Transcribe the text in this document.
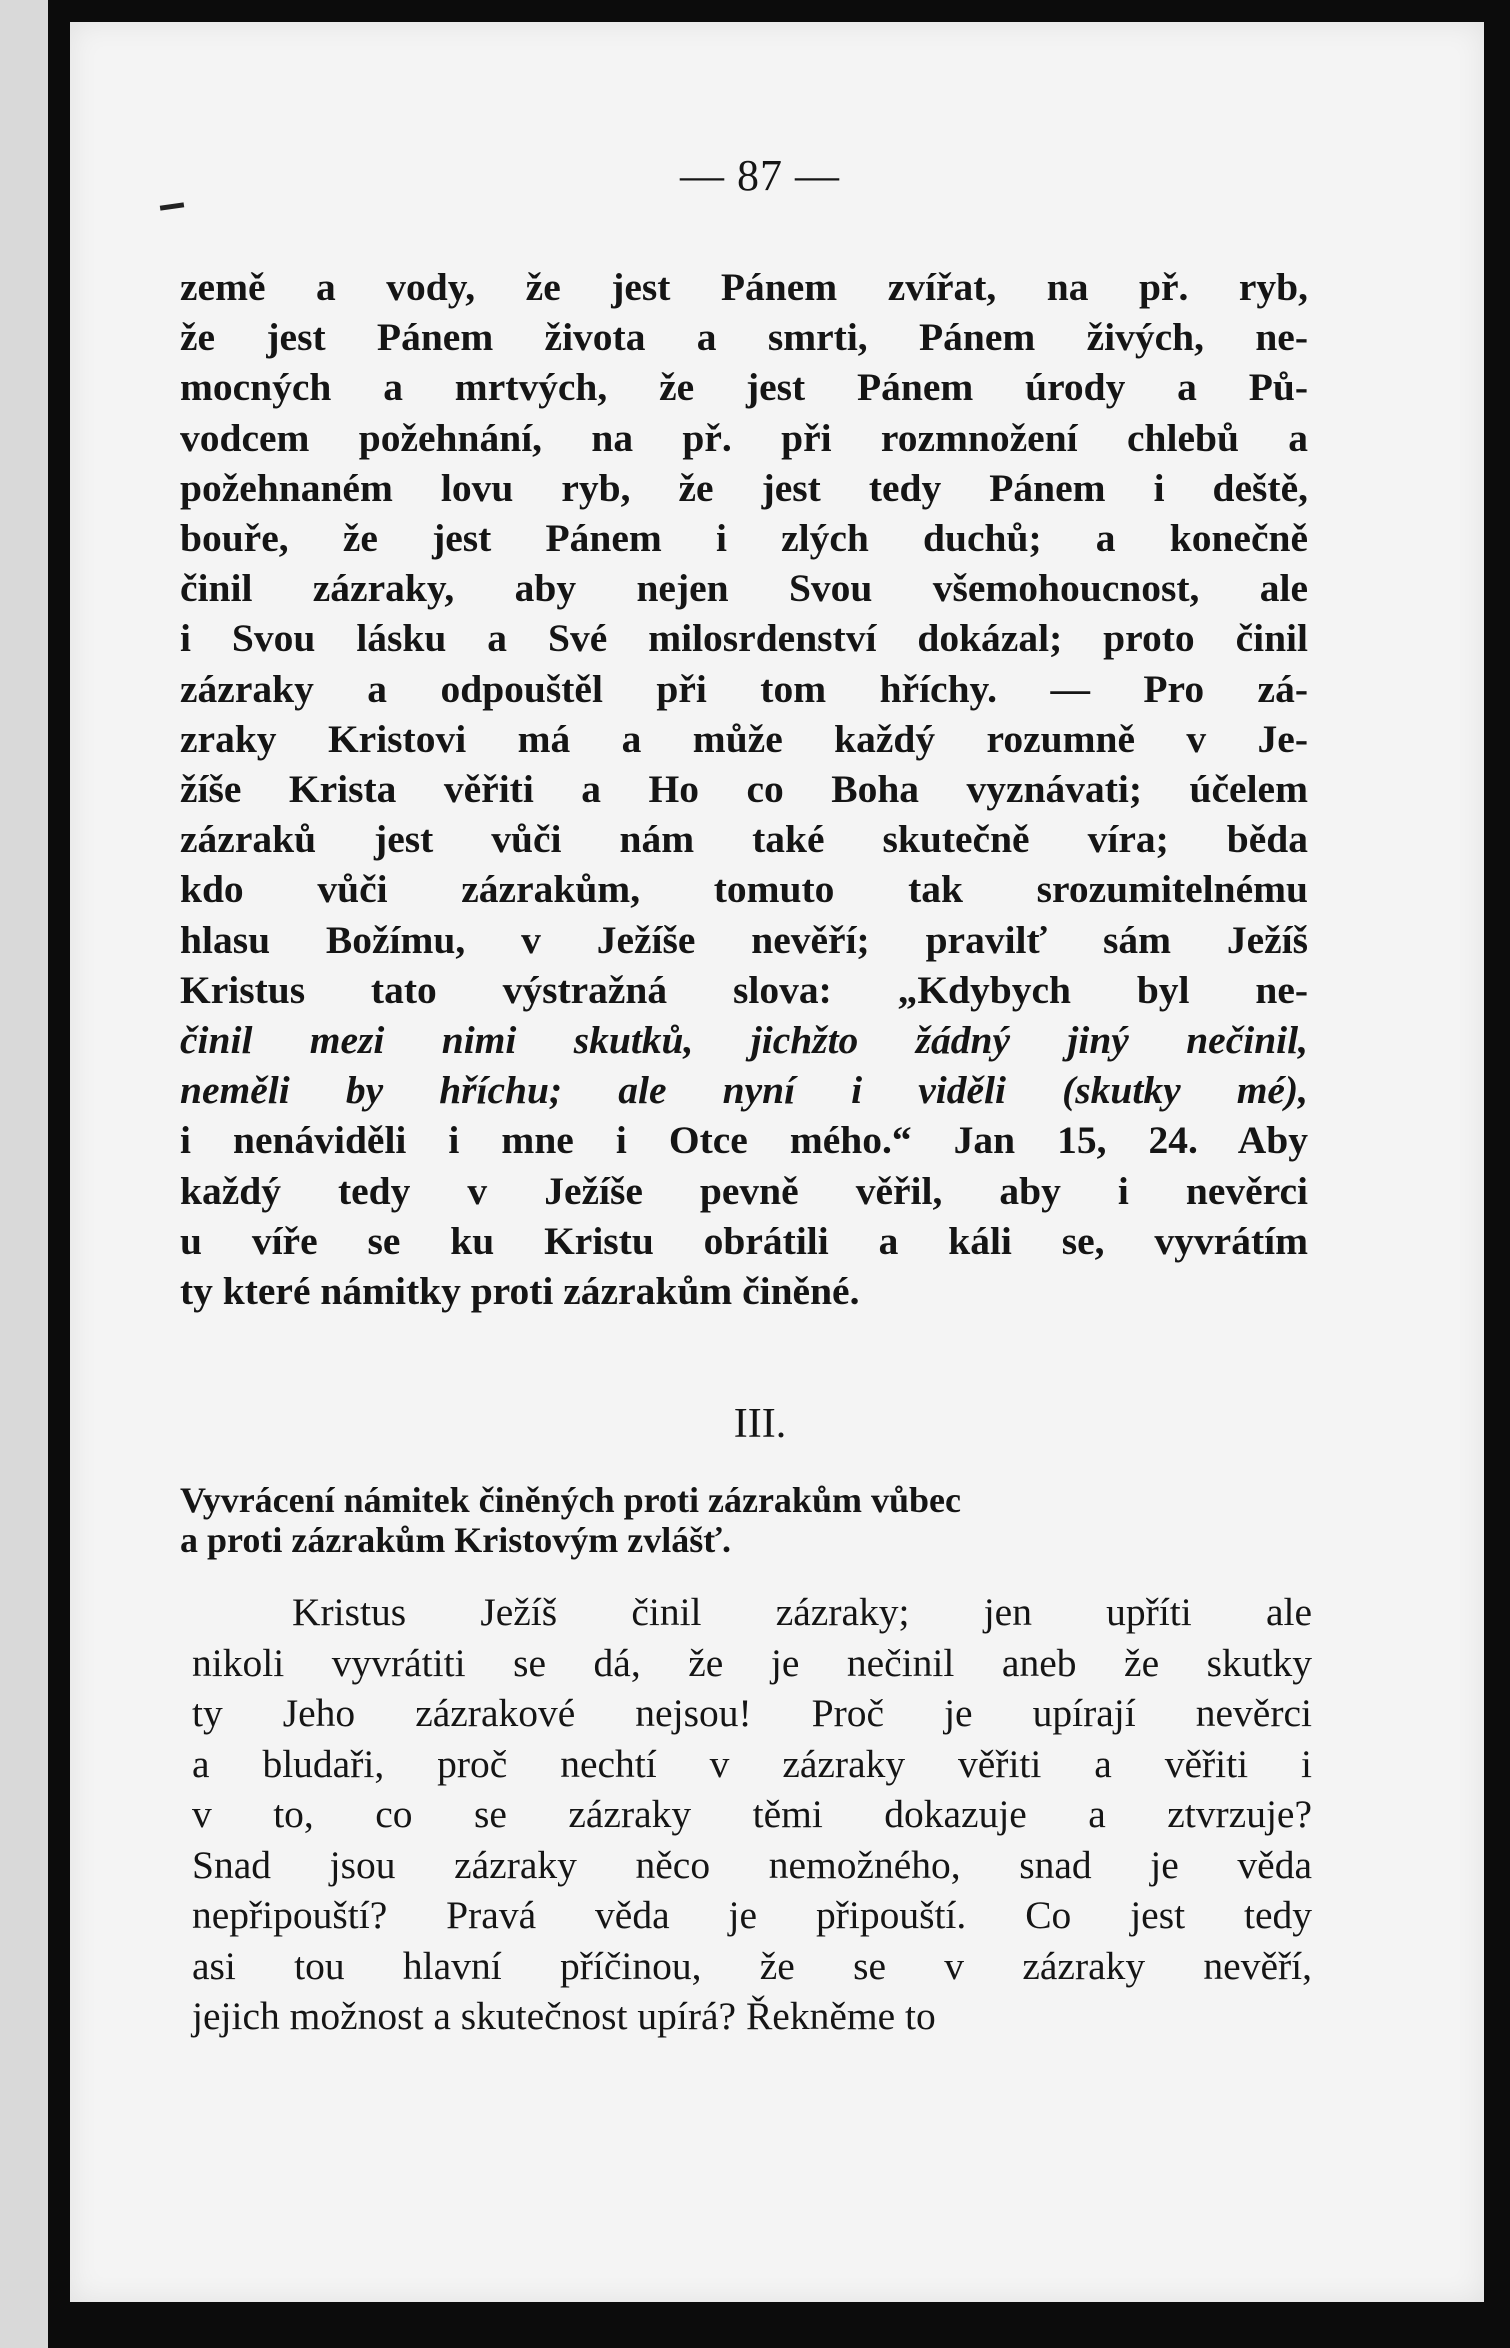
— 87 —
země a vody, že jest Pánem zvířat, na př. ryb,
že jest Pánem života a smrti, Pánem živých, ne-
mocných a mrtvých, že jest Pánem úrody a Pů-
vodcem požehnání, na př. při rozmnožení chlebů a
požehnaném lovu ryb, že jest tedy Pánem i deště,
bouře, že jest Pánem i zlých duchů; a konečně
činil zázraky, aby nejen Svou všemohoucnost, ale
i Svou lásku a Své milosrdenství dokázal; proto činil
zázraky a odpouštěl při tom hříchy. — Pro zá-
zraky Kristovi má a může každý rozumně v Je-
žíše Krista věřiti a Ho co Boha vyznávati; účelem
zázraků jest vůči nám také skutečně víra; běda
kdo vůči zázrakům, tomuto tak srozumitelnému
hlasu Božímu, v Ježíše nevěří; pravilť sám Ježíš
Kristus tato výstražná slova: „Kdybych byl ne-
činil mezi nimi skutků, jichžto žádný jiný nečinil,
neměli by hříchu; ale nyní i viděli (skutky mé),
i nenáviděli i mne i Otce mého.“ Jan 15, 24. Aby
každý tedy v Ježíše pevně věřil, aby i nevěrci
u víře se ku Kristu obrátili a káli se, vyvrátím
ty které námitky proti zázrakům činěné.
III.
Vyvrácení námitek činěných proti zázrakům vůbec
a proti zázrakům Kristovým zvlášť.
Kristus Ježíš činil zázraky; jen upříti ale
nikoli vyvrátiti se dá, že je nečinil aneb že skutky
ty Jeho zázrakové nejsou! Proč je upírají nevěrci
a bludaři, proč nechtí v zázraky věřiti a věřiti i
v to, co se zázraky těmi dokazuje a ztvrzuje?
Snad jsou zázraky něco nemožného, snad je věda
nepřipouští? Pravá věda je připouští. Co jest tedy
asi tou hlavní příčinou, že se v zázraky nevěří,
jejich možnost a skutečnost upírá? Řekněme to
